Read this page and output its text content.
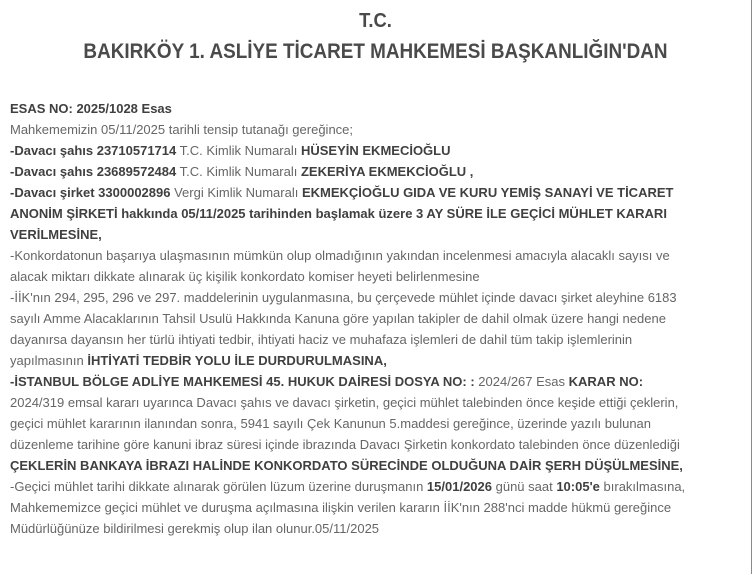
T.C.
BAKIRKÖY 1. ASLİYE TİCARET MAHKEMESİ BAŞKANLIĞIN'DAN
ESAS NO: 2025/1028 Esas
Mahkememizin 05/11/2025 tarihli tensip tutanağı gereğince;
-Davacı şahıs 23710571714 T.C. Kimlik Numaralı HÜSEYİN EKMECİOĞLU
-Davacı şahıs 23689572484 T.C. Kimlik Numaralı ZEKERİYA EKMEKCİOĞLU ,
-Davacı şirket 3300002896 Vergi Kimlik Numaralı EKMEKÇİOĞLU GIDA VE KURU YEMİŞ SANAYİ VE TİCARET
ANONİM ŞİRKETİ hakkında 05/11/2025 tarihinden başlamak üzere 3 AY SÜRE İLE GEÇİCİ MÜHLET KARARI
VERİLMESİNE,
-Konkordatonun başarıya ulaşmasının mümkün olup olmadığının yakından incelenmesi amacıyla alacaklı sayısı ve
alacak miktarı dikkate alınarak üç kişilik konkordato komiser heyeti belirlenmesine
-İİK'nın 294, 295, 296 ve 297. maddelerinin uygulanmasına, bu çerçevede mühlet içinde davacı şirket aleyhine 6183
sayılı Amme Alacaklarının Tahsil Usulü Hakkında Kanuna göre yapılan takipler de dahil olmak üzere hangi nedene
dayanırsa dayansın her türlü ihtiyati tedbir, ihtiyati haciz ve muhafaza işlemleri de dahil tüm takip işlemlerinin
yapılmasının İHTİYATİ TEDBİR YOLU İLE DURDURULMASINA,
-İSTANBUL BÖLGE ADLİYE MAHKEMESİ 45. HUKUK DAİRESİ DOSYA NO: : 2024/267 Esas KARAR NO:
2024/319 emsal kararı uyarınca Davacı şahıs ve davacı şirketin, geçici mühlet talebinden önce keşide ettiği çeklerin,
geçici mühlet kararının ilanından sonra, 5941 sayılı Çek Kanunun 5.maddesi gereğince, üzerinde yazılı bulunan
düzenleme tarihine göre kanuni ibraz süresi içinde ibrazında Davacı Şirketin konkordato talebinden önce düzenlediği
ÇEKLERİN BANKAYA İBRAZI HALİNDE KONKORDATO SÜRECİNDE OLDUĞUNA DAİR ŞERH DÜŞÜLMESİNE,
-Geçici mühlet tarihi dikkate alınarak görülen lüzum üzerine duruşmanın 15/01/2026 günü saat 10:05'e bırakılmasına,
Mahkememizce geçici mühlet ve duruşma açılmasına ilişkin verilen kararın İİK'nın 288'nci madde hükmü gereğince
Müdürlüğünüze bildirilmesi gerekmiş olup ilan olunur.05/11/2025
